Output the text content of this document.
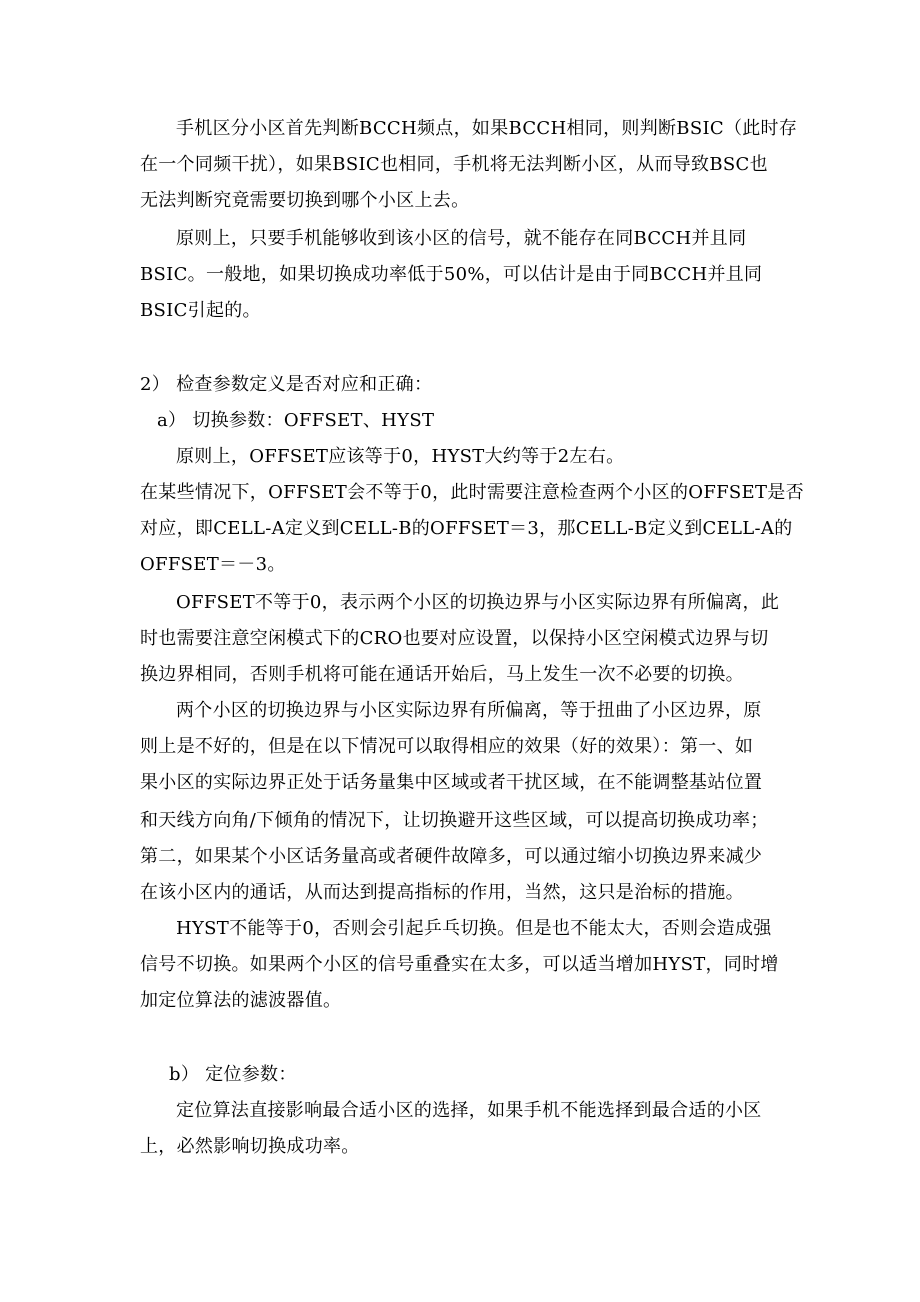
手机区分小区首先判断BCCH频点，如果BCCH相同，则判断BSIC（此时存
在一个同频干扰），如果BSIC也相同，手机将无法判断小区，从而导致BSC也
无法判断究竟需要切换到哪个小区上去。
原则上，只要手机能够收到该小区的信号，就不能存在同BCCH并且同
BSIC。一般地，如果切换成功率低于50%，可以估计是由于同BCCH并且同
BSIC引起的。
2） 检查参数定义是否对应和正确：
a） 切换参数：OFFSET、HYST
原则上，OFFSET应该等于0，HYST大约等于2左右。
在某些情况下，OFFSET会不等于0，此时需要注意检查两个小区的OFFSET是否
对应，即CELL-A定义到CELL-B的OFFSET＝3，那CELL-B定义到CELL-A的
OFFSET＝－3。
OFFSET不等于0，表示两个小区的切换边界与小区实际边界有所偏离，此
时也需要注意空闲模式下的CRO也要对应设置，以保持小区空闲模式边界与切
换边界相同，否则手机将可能在通话开始后，马上发生一次不必要的切换。
两个小区的切换边界与小区实际边界有所偏离，等于扭曲了小区边界，原
则上是不好的，但是在以下情况可以取得相应的效果（好的效果）：第一、如
果小区的实际边界正处于话务量集中区域或者干扰区域，在不能调整基站位置
和天线方向角/下倾角的情况下，让切换避开这些区域，可以提高切换成功率；
第二，如果某个小区话务量高或者硬件故障多，可以通过缩小切换边界来减少
在该小区内的通话，从而达到提高指标的作用，当然，这只是治标的措施。
HYST不能等于0，否则会引起乒乓切换。但是也不能太大，否则会造成强
信号不切换。如果两个小区的信号重叠实在太多，可以适当增加HYST，同时增
加定位算法的滤波器值。
b） 定位参数：
定位算法直接影响最合适小区的选择，如果手机不能选择到最合适的小区
上，必然影响切换成功率。
